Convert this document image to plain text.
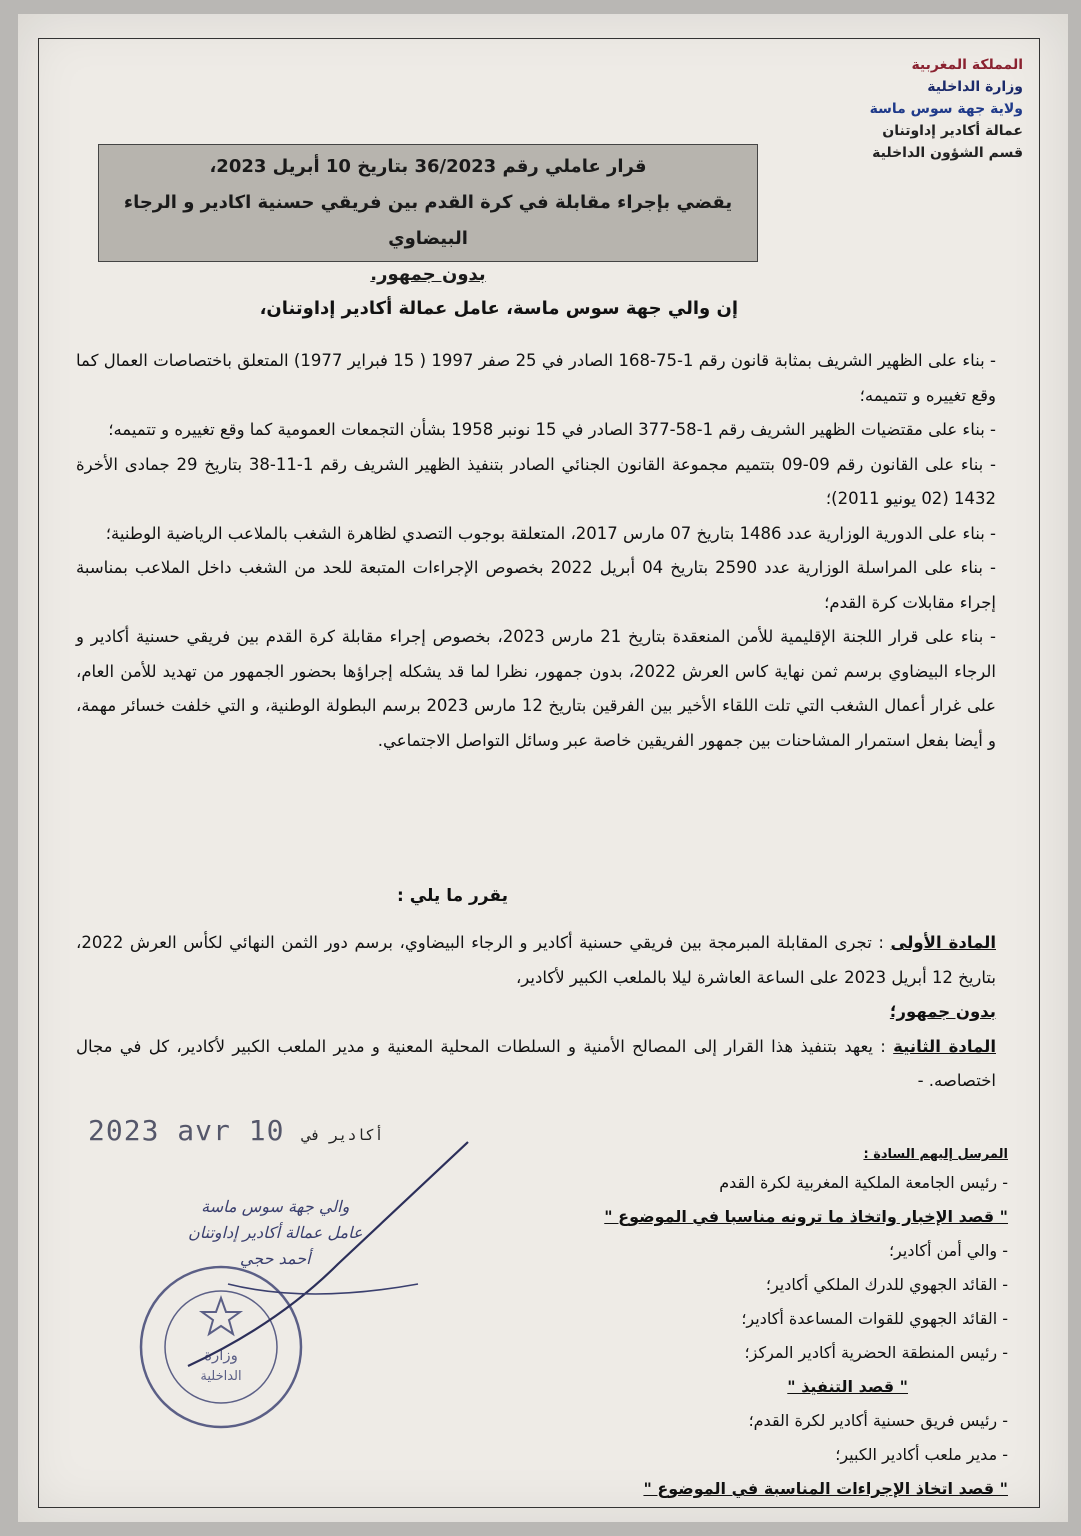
المملكة المغربية
وزارة الداخلية
ولاية جهة سوس ماسة
عمالة أكادير إداوتنان
قسم الشؤون الداخلية
قرار عاملي رقم 36/2023 بتاريخ 10 أبريل 2023،
يقضي بإجراء مقابلة في كرة القدم بين فريقي حسنية اكادير و الرجاء البيضاوي
بدون جمهور.
إن والي جهة سوس ماسة، عامل عمالة أكادير إداوتنان،

- بناء على الظهير الشريف بمثابة قانون رقم 1-75-168 الصادر في 25 صفر 1997 ( 15 فبراير 1977) المتعلق باختصاصات العمال كما وقع تغييره و تتميمه؛

- بناء على مقتضيات الظهير الشريف رقم 1-58-377 الصادر في 15 نونبر 1958 بشأن التجمعات العمومية كما وقع تغييره و تتميمه؛

- بناء على القانون رقم 09-09 بتتميم مجموعة القانون الجنائي الصادر بتنفيذ الظهير الشريف رقم 1-11-38 بتاريخ 29 جمادى الأخرة 1432 (02 يونيو 2011)؛

- بناء على الدورية الوزارية عدد 1486 بتاريخ 07 مارس 2017، المتعلقة بوجوب التصدي لظاهرة الشغب بالملاعب الرياضية الوطنية؛

- بناء على المراسلة الوزارية عدد 2590 بتاريخ 04 أبريل 2022 بخصوص الإجراءات المتبعة للحد من الشغب داخل الملاعب بمناسبة إجراء مقابلات كرة القدم؛

- بناء على قرار اللجنة الإقليمية للأمن المنعقدة بتاريخ 21 مارس 2023، بخصوص إجراء مقابلة كرة القدم بين فريقي حسنية أكادير و الرجاء البيضاوي برسم ثمن نهاية كاس العرش 2022، بدون جمهور، نظرا لما قد يشكله إجراؤها بحضور الجمهور من تهديد للأمن العام، على غرار أعمال الشغب التي تلت اللقاء الأخير بين الفرقين بتاريخ 12 مارس 2023 برسم البطولة الوطنية، و التي خلفت خسائر مهمة، و أيضا بفعل استمرار المشاحنات بين جمهور الفريقين خاصة عبر وسائل التواصل الاجتماعي.

يقرر ما يلي :

المادة الأولى : تجرى المقابلة المبرمجة بين فريقي حسنية أكادير و الرجاء البيضاوي، برسم دور الثمن النهائي لكأس العرش 2022، بتاريخ 12 أبريل 2023 على الساعة العاشرة ليلا بالملعب الكبير لأكادير،
بدون جمهور؛

المادة الثانية : يعهد بتنفيذ هذا القرار إلى المصالح الأمنية و السلطات المحلية المعنية و مدير الملعب الكبير لأكادير، كل في مجال اختصاصه. -

2023 avr 10 أكادير في
المرسل إليهم السادة :
- رئيس الجامعة الملكية المغربية لكرة القدم
" قصد الإخبار واتخاذ ما ترونه مناسبا في الموضوع "
- والي أمن أكادير؛
- القائد الجهوي للدرك الملكي أكادير؛
- القائد الجهوي للقوات المساعدة أكادير؛
- رئيس المنطقة الحضرية أكادير المركز؛
" قصد التنفيذ "
- رئيس فريق حسنية أكادير لكرة القدم؛
- مدير ملعب أكادير الكبير؛
" قصد اتخاذ الإجراءات المناسبة في الموضوع "
والي جهة سوس ماسة
عامل عمالة أكادير إداوتنان
أحمد حجي
وزارة
الداخلية
